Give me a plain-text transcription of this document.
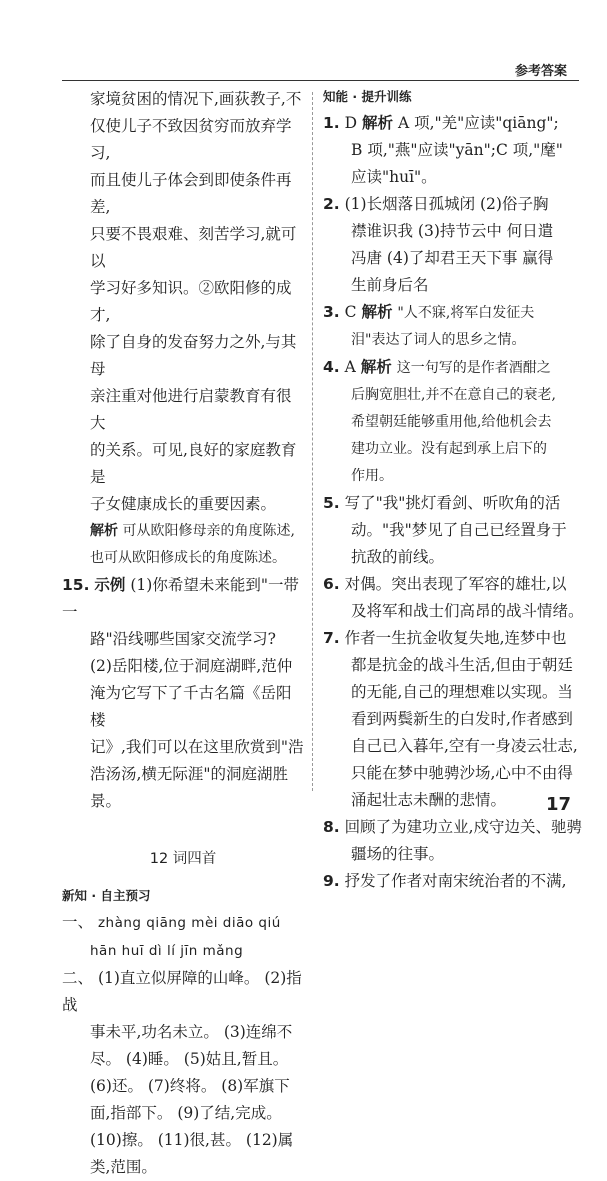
参考答案

家境贫困的情况下,画荻教子,不

仅使儿子不致因贫穷而放弃学习,

而且使儿子体会到即使条件再差,

只要不畏艰难、刻苦学习,就可以

学习好多知识。②欧阳修的成才,

除了自身的发奋努力之外,与其母

亲注重对他进行启蒙教育有很大

的关系。可见,良好的家庭教育是

子女健康成长的重要因素。

解析 可从欧阳修母亲的角度陈述,

也可从欧阳修成长的角度陈述。

15. 示例 (1)你希望未来能到"一带一

路"沿线哪些国家交流学习?

(2)岳阳楼,位于洞庭湖畔,范仲

淹为它写下了千古名篇《岳阳楼

记》,我们可以在这里欣赏到"浩

浩汤汤,横无际涯"的洞庭湖胜景。

12 词四首
新知 · 自主预习

一、 zhàng qiāng mèi diāo qiú

hān huī dì lí jīn mǎng

二、 (1)直立似屏障的山峰。 (2)指战

事未平,功名未立。 (3)连绵不

尽。 (4)睡。 (5)姑且,暂且。

(6)还。 (7)终将。 (8)军旗下

面,指部下。 (9)了结,完成。

(10)擦。 (11)很,甚。 (12)属

类,范围。

知能 · 提升训练

1. D 解析 A 项,"羌"应读"qiāng";

B 项,"燕"应读"yān";C 项,"麾"

应读"huī"。

2. (1)长烟落日孤城闭 (2)俗子胸

襟谁识我 (3)持节云中 何日遣

冯唐 (4)了却君王天下事 赢得

生前身后名

3. C 解析 "人不寐,将军白发征夫

泪"表达了词人的思乡之情。

4. A 解析 这一句写的是作者酒酣之

后胸宽胆壮,并不在意自己的衰老,

希望朝廷能够重用他,给他机会去

建功立业。没有起到承上启下的

作用。

5. 写了"我"挑灯看剑、听吹角的活

动。"我"梦见了自己已经置身于

抗敌的前线。

6. 对偶。突出表现了军容的雄壮,以

及将军和战士们高昂的战斗情绪。

7. 作者一生抗金收复失地,连梦中也

都是抗金的战斗生活,但由于朝廷

的无能,自己的理想难以实现。当

看到两鬓新生的白发时,作者感到

自己已入暮年,空有一身凌云壮志,

只能在梦中驰骋沙场,心中不由得

涌起壮志未酬的悲情。

8. 回顾了为建功立业,戍守边关、驰骋

疆场的往事。

9. 抒发了作者对南宋统治者的不满,

17
